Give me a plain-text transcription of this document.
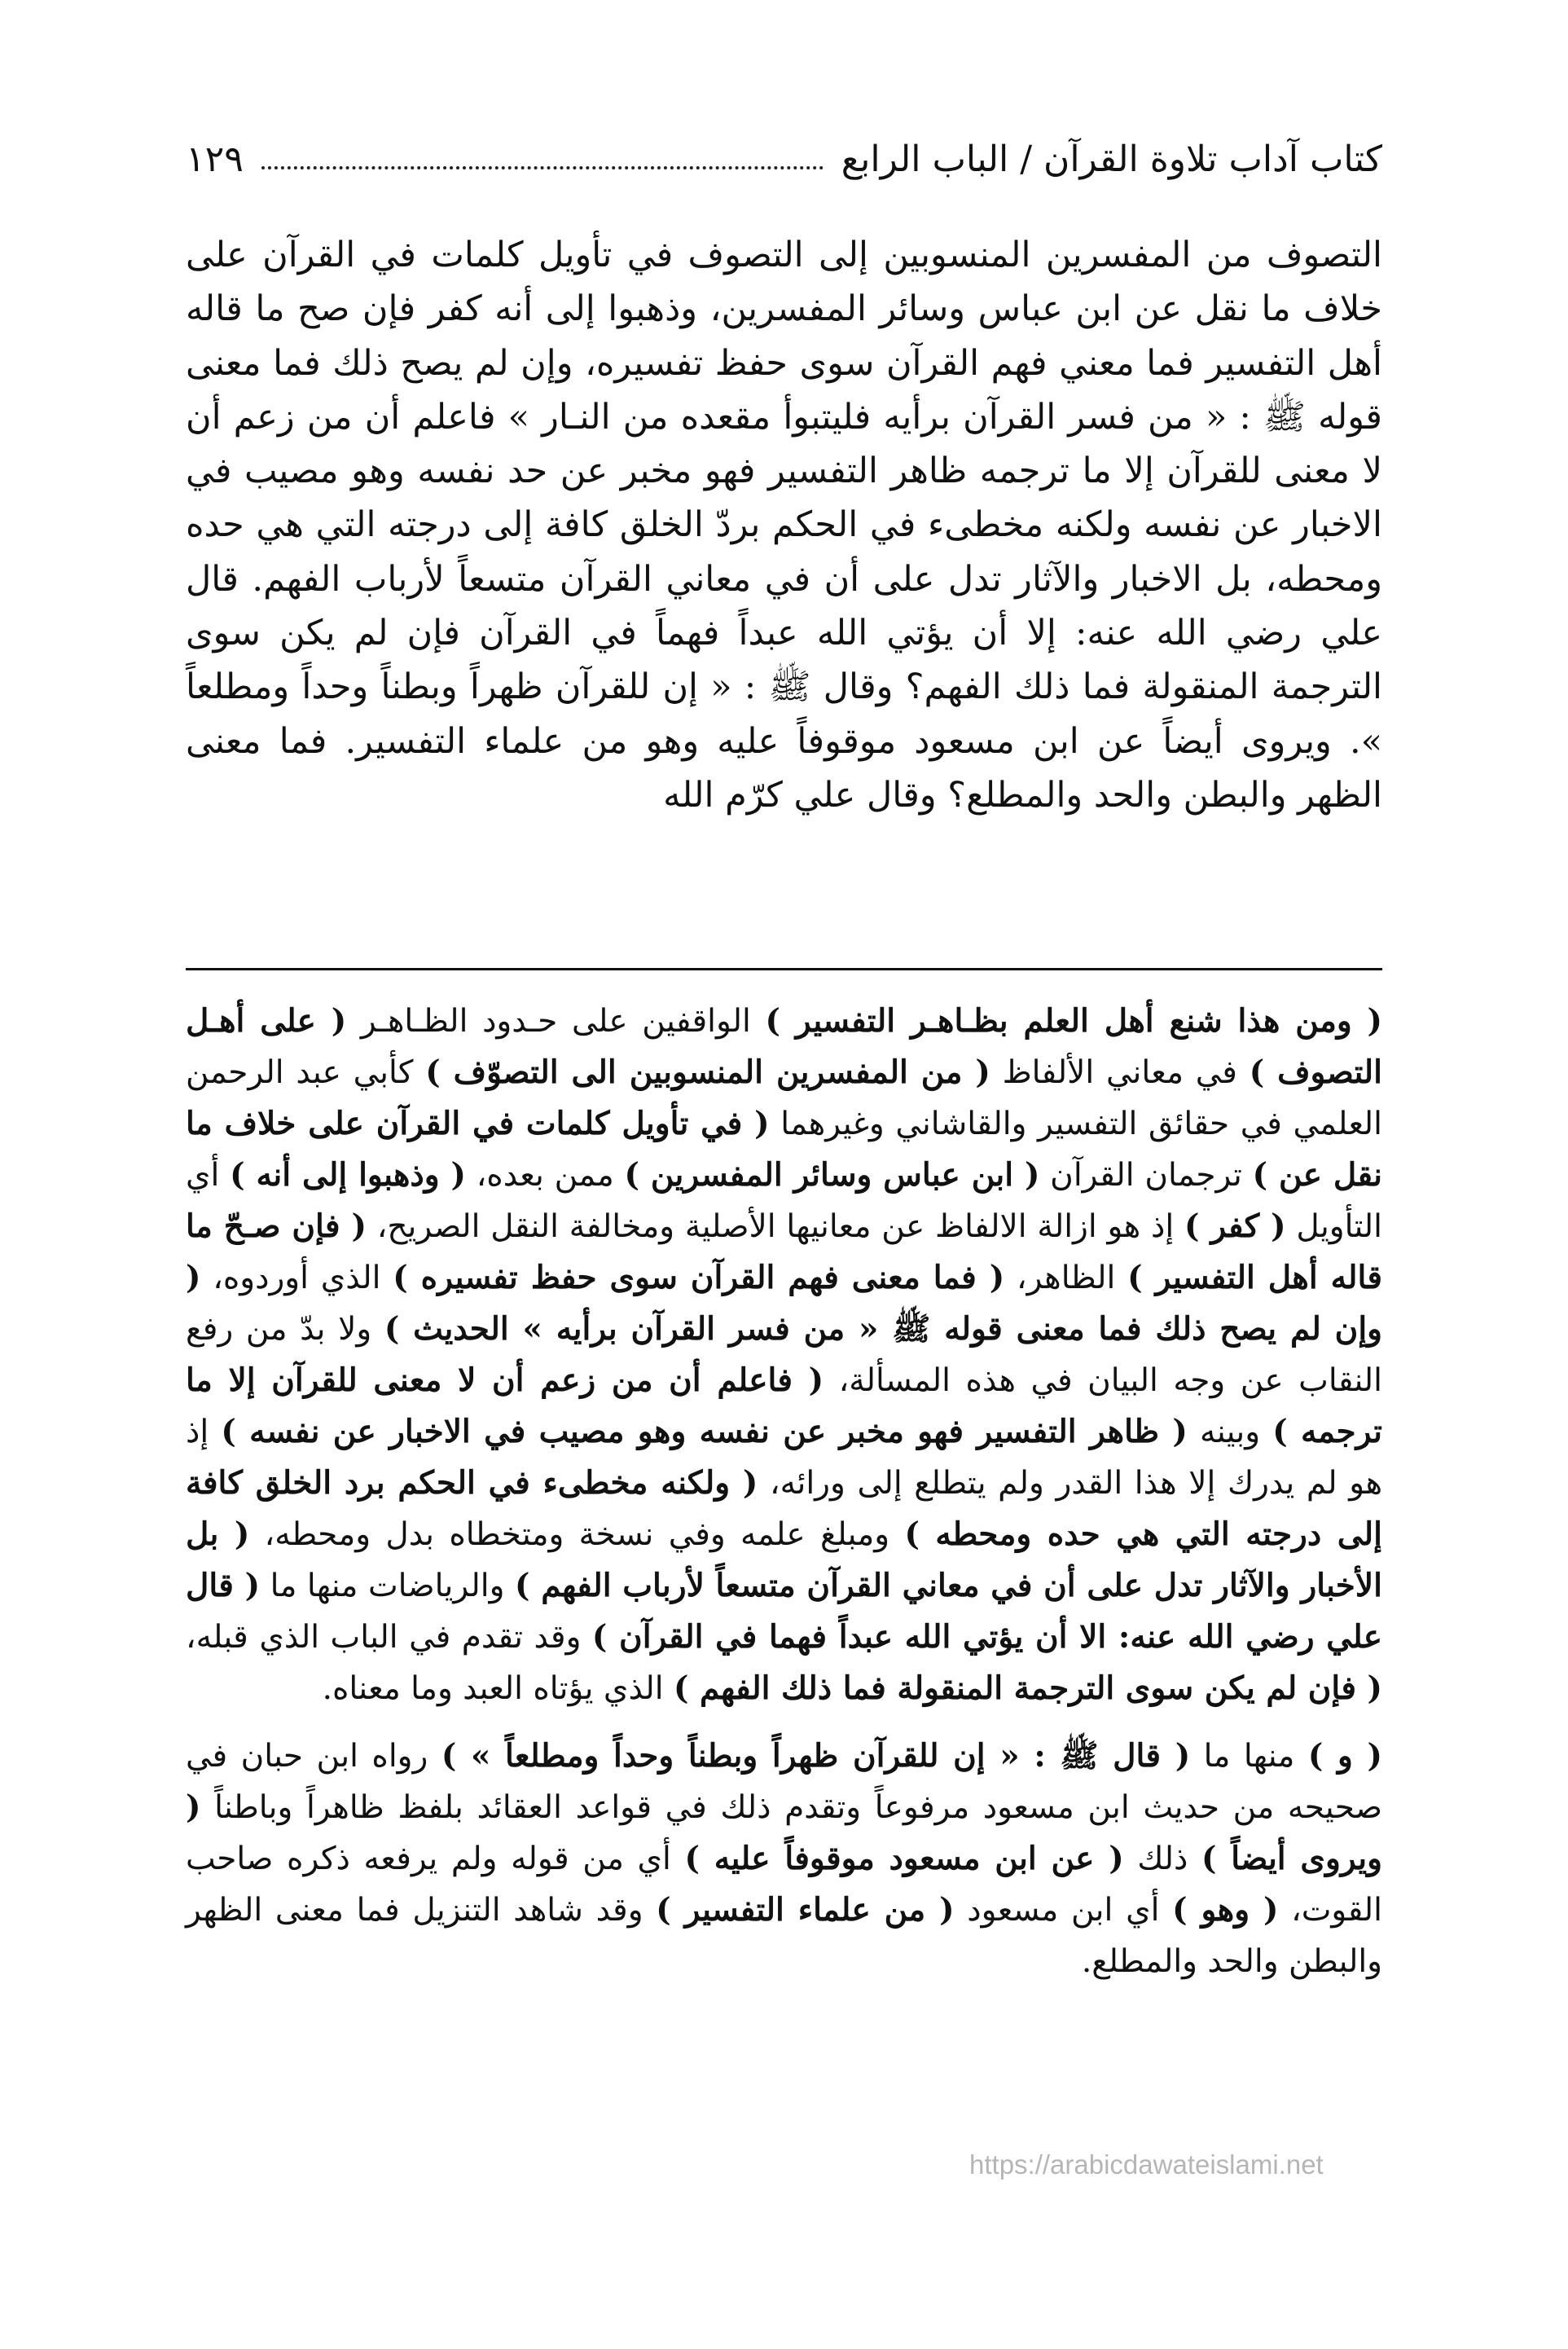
كتاب آداب تلاوة القرآن / الباب الرابع
١٢٩

التصوف من المفسرين المنسوبين إلى التصوف في تأويل كلمات في القرآن على خلاف ما نقل عن ابن عباس وسائر المفسرين، وذهبوا إلى أنه كفر فإن صح ما قاله أهل التفسير فما معني فهم القرآن سوى حفظ تفسيره، وإن لم يصح ذلك فما معنى قوله ﷺ : « من فسر القرآن برأيه فليتبوأ مقعده من النـار » فاعلم أن من زعم أن لا معنى للقرآن إلا ما ترجمه ظاهر التفسير فهو مخبر عن حد نفسه وهو مصيب في الاخبار عن نفسه ولكنه مخطىء في الحكم بردّ الخلق كافة إلى درجته التي هي حده ومحطه، بل الاخبار والآثار تدل على أن في معاني القرآن متسعاً لأرباب الفهم. قال علي رضي الله عنه: إلا أن يؤتي الله عبداً فهماً في القرآن فإن لم يكن سوى الترجمة المنقولة فما ذلك الفهم؟ وقال ﷺ : « إن للقرآن ظهراً وبطناً وحداً ومطلعاً ». ويروى أيضاً عن ابن مسعود موقوفاً عليه وهو من علماء التفسير. فما معنى الظهر والبطن والحد والمطلع؟ وقال علي كرّم الله

( ومن هذا شنع أهل العلم بظـاهـر التفسير ) الواقفين على حـدود الظـاهـر ( على أهـل التصوف ) في معاني الألفاظ ( من المفسرين المنسوبين الى التصوّف ) كأبي عبد الرحمن العلمي في حقائق التفسير والقاشاني وغيرهما ( في تأويل كلمات في القرآن على خلاف ما نقل عن ) ترجمان القرآن ( ابن عباس وسائر المفسرين ) ممن بعده، ( وذهبوا إلى أنه ) أي التأويل ( كفر ) إذ هو ازالة الالفاظ عن معانيها الأصلية ومخالفة النقل الصريح، ( فإن صـحّ ما قاله أهل التفسير ) الظاهر، ( فما معنى فهم القرآن سوى حفظ تفسيره ) الذي أوردوه، ( وإن لم يصح ذلك فما معنى قوله ﷺ « من فسر القرآن برأيه » الحديث ) ولا بدّ من رفع النقاب عن وجه البيان في هذه المسألة، ( فاعلم أن من زعم أن لا معنى للقرآن إلا ما ترجمه ) وبينه ( ظاهر التفسير فهو مخبر عن نفسه وهو مصيب في الاخبار عن نفسه ) إذ هو لم يدرك إلا هذا القدر ولم يتطلع إلى ورائه، ( ولكنه مخطىء في الحكم برد الخلق كافة إلى درجته التي هي حده ومحطه ) ومبلغ علمه وفي نسخة ومتخطاه بدل ومحطه، ( بل الأخبار والآثار تدل على أن في معاني القرآن متسعاً لأرباب الفهم ) والرياضات منها ما ( قال علي رضي الله عنه: الا أن يؤتي الله عبداً فهما في القرآن ) وقد تقدم في الباب الذي قبله، ( فإن لم يكن سوى الترجمة المنقولة فما ذلك الفهم ) الذي يؤتاه العبد وما معناه.

( و ) منها ما ( قال ﷺ : « إن للقرآن ظهراً وبطناً وحداً ومطلعاً » ) رواه ابن حبان في صحيحه من حديث ابن مسعود مرفوعاً وتقدم ذلك في قواعد العقائد بلفظ ظاهراً وباطناً ( ويروى أيضاً ) ذلك ( عن ابن مسعود موقوفاً عليه ) أي من قوله ولم يرفعه ذكره صاحب القوت، ( وهو ) أي ابن مسعود ( من علماء التفسير ) وقد شاهد التنزيل فما معنى الظهر والبطن والحد والمطلع.

https://arabicdawateislami.net
